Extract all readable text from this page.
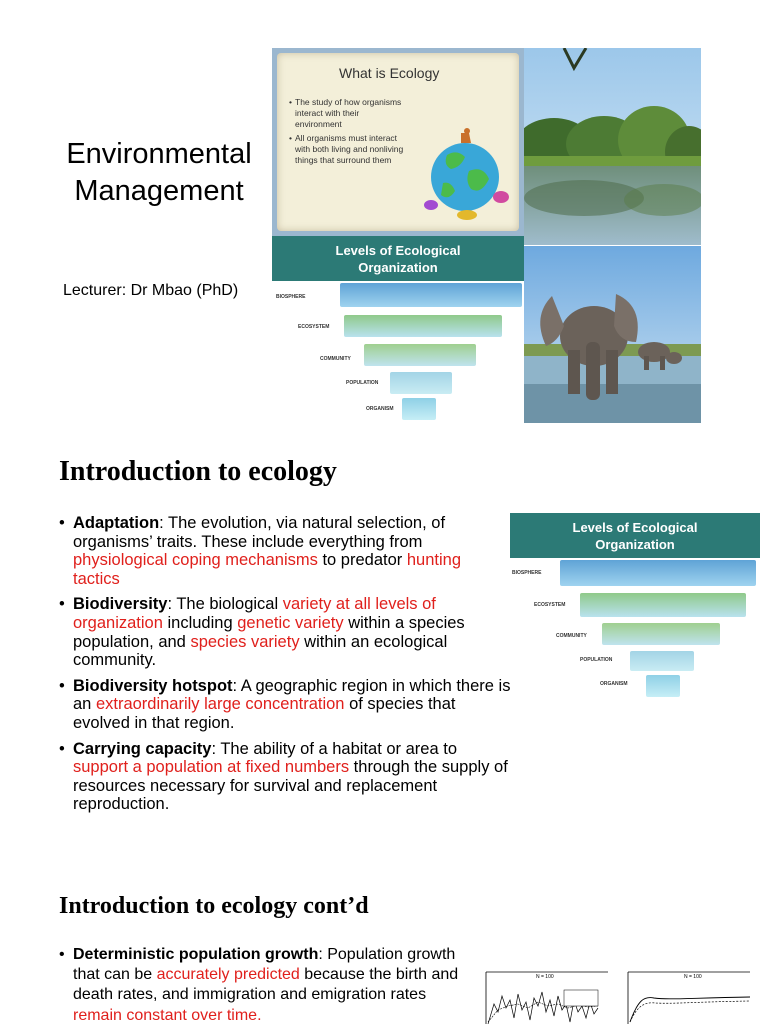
Environmental
Management
Lecturer: Dr Mbao (PhD)
What is Ecology
• The study of how organisms interact with their environment
• All organisms must interact with both living and nonliving things that surround them
Levels of Ecological
Organization
BIOSPHERE
ECOSYSTEM
COMMUNITY
POPULATION
ORGANISM
Introduction to ecology
• Adaptation: The evolution, via natural selection, of organisms’ traits. These include everything from physiological coping mechanisms to predator hunting tactics
• Biodiversity: The biological variety at all levels of organization including genetic variety within a species population, and species variety within an ecological community.
• Biodiversity hotspot: A geographic region in which there is an extraordinarily large concentration of species that evolved in that region.
• Carrying capacity: The ability of a habitat or area to support a population at fixed numbers through the supply of resources necessary for survival and replacement reproduction.
Levels of Ecological
Organization
BIOSPHERE
ECOSYSTEM
COMMUNITY
POPULATION
ORGANISM
Introduction to ecology cont’d
• Deterministic population growth: Population growth that can be accurately predicted because the birth and death rates, and immigration and emigration rates remain constant over time.
N = 100	N = 100
